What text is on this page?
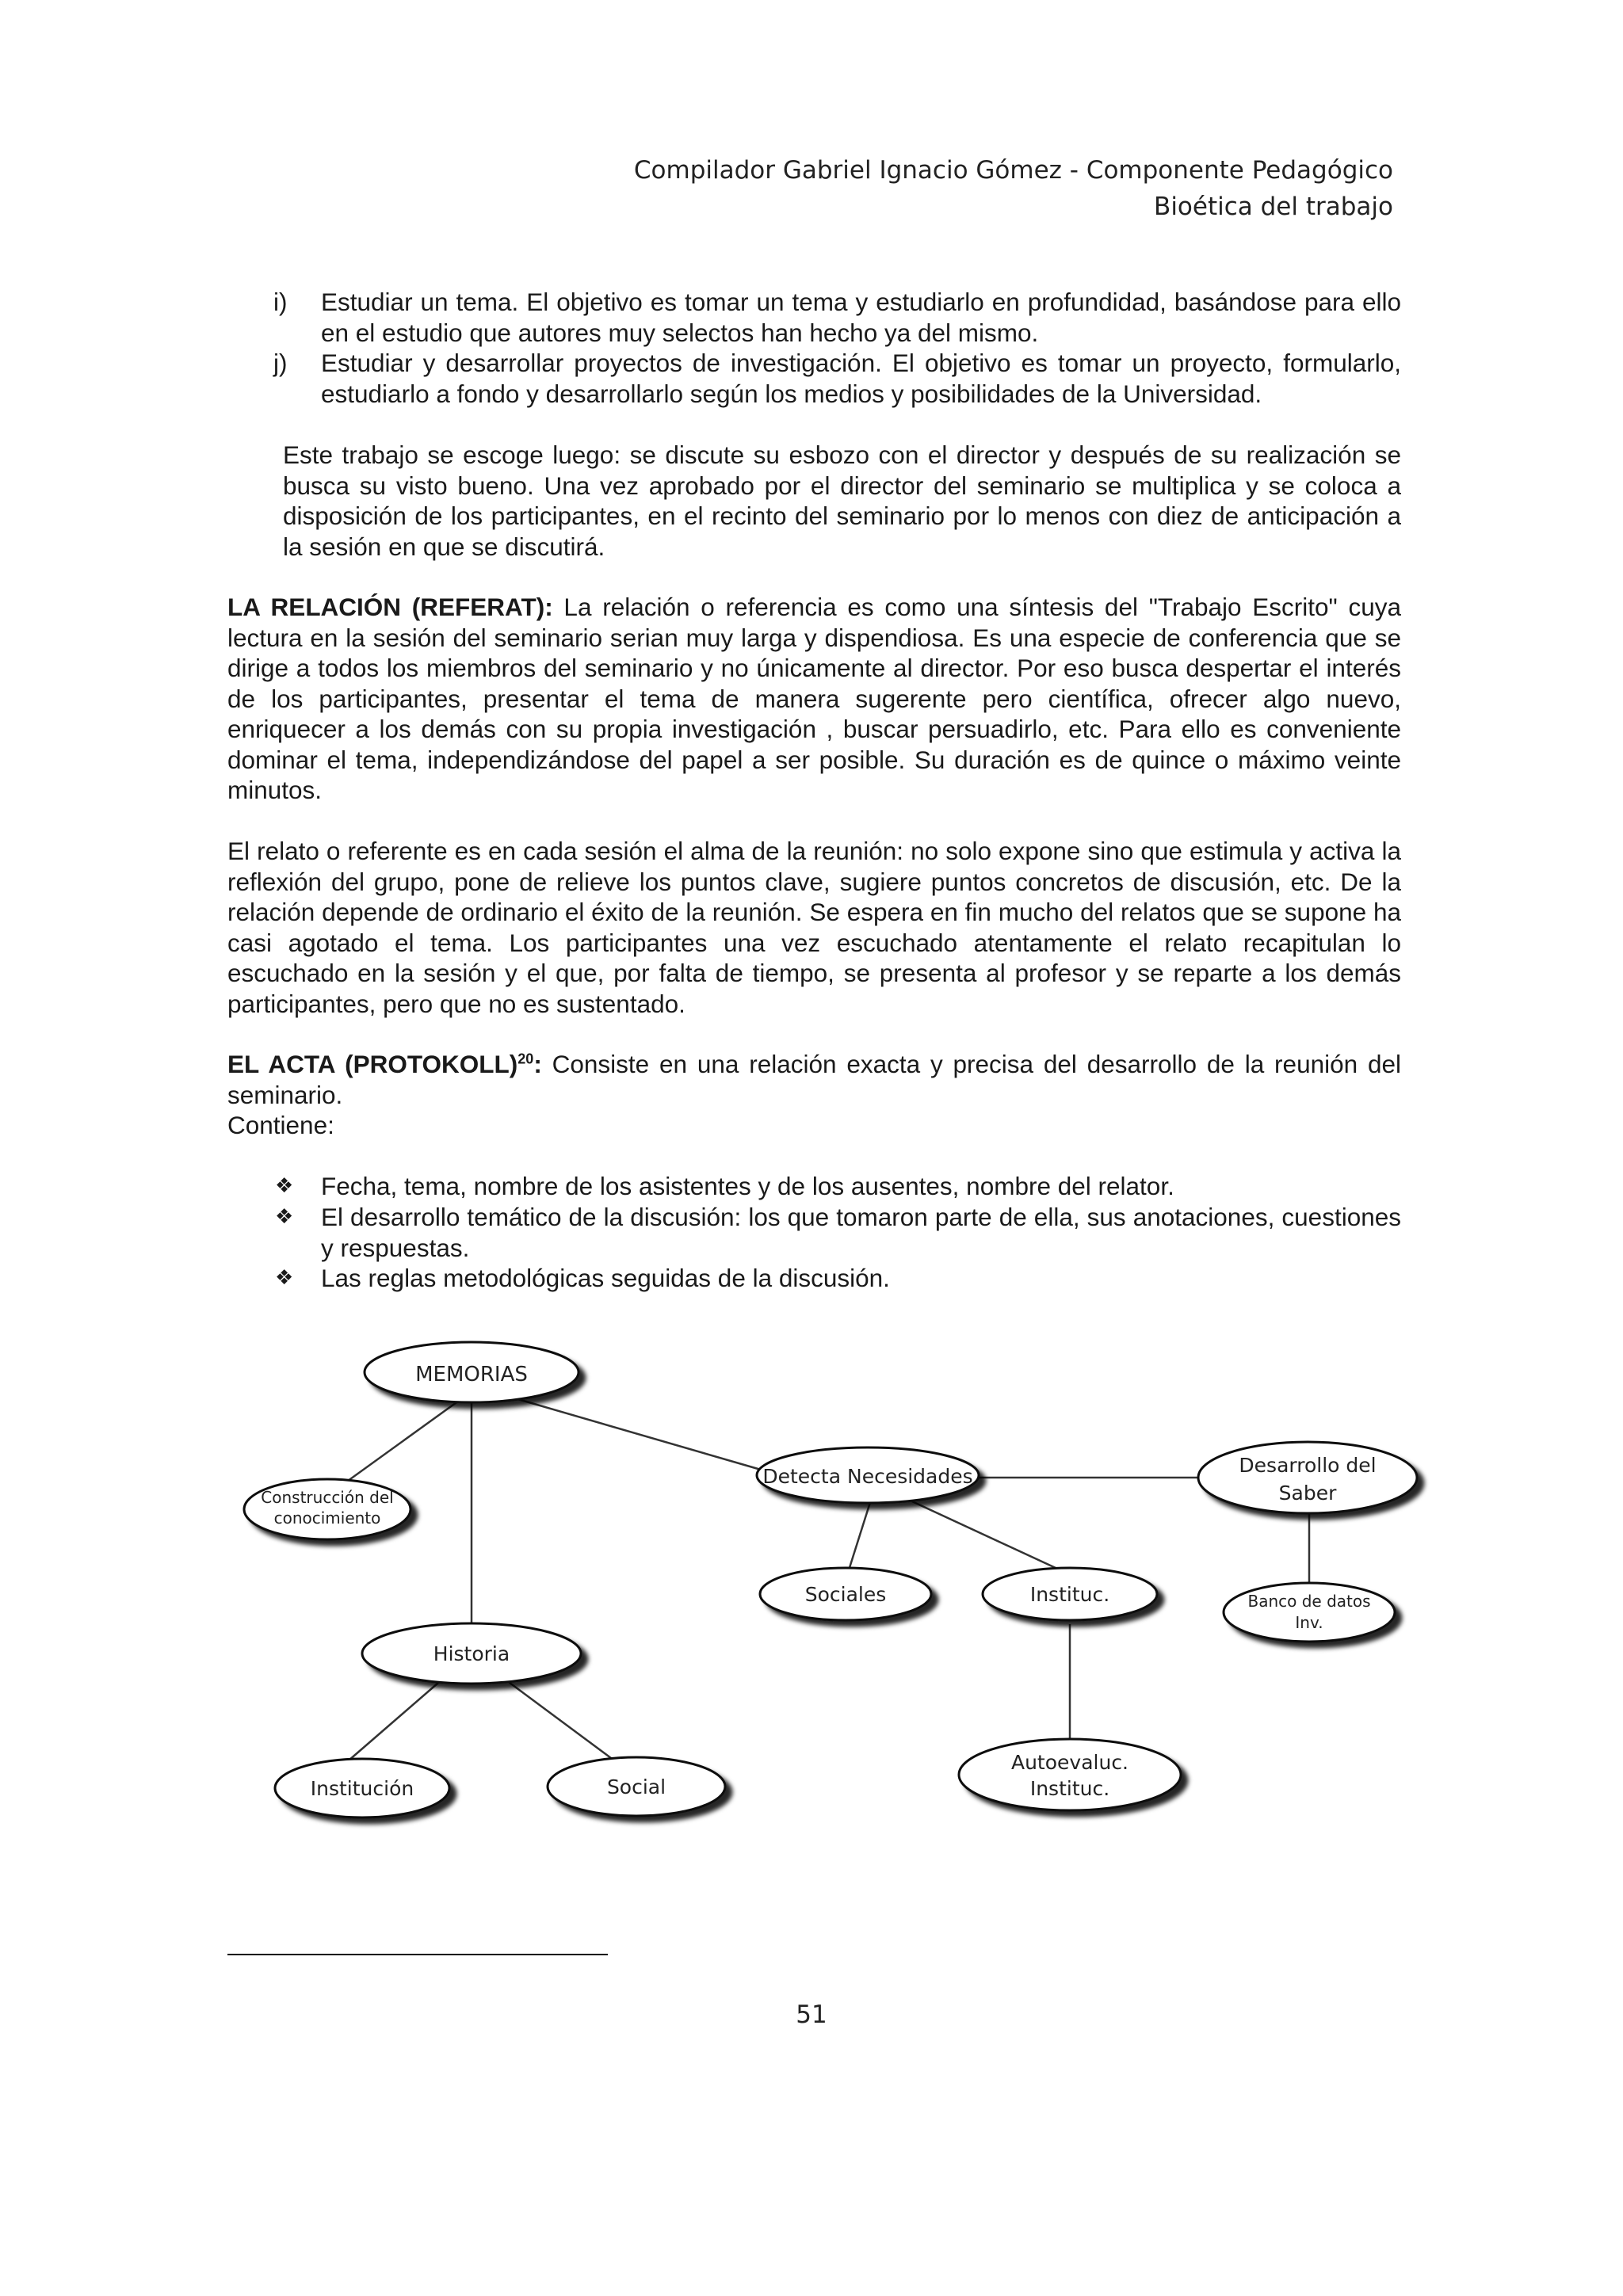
Compilador Gabriel Ignacio Gómez - Componente Pedagógico
Bioética del trabajo
i) Estudiar un tema. El objetivo es tomar un tema y estudiarlo en profundidad, basándose para ello en el estudio que autores muy selectos han hecho ya del mismo.
j) Estudiar y desarrollar proyectos de investigación. El objetivo es tomar un proyecto, formularlo, estudiarlo a fondo y desarrollarlo según los medios y posibilidades de la Universidad.
Este trabajo se escoge luego: se discute su esbozo con el director y después de su realización se busca su visto bueno. Una vez aprobado por el director del seminario se multiplica y se coloca a disposición de los participantes, en el recinto del seminario por lo menos con diez de anticipación a la sesión en que se discutirá.
LA RELACIÓN (REFERAT): La relación o referencia es como una síntesis del "Trabajo Escrito" cuya lectura en la sesión del seminario serian muy larga y dispendiosa. Es una especie de conferencia que se dirige a todos los miembros del seminario y no únicamente al director. Por eso busca despertar el interés de los participantes, presentar el tema de manera sugerente pero científica, ofrecer algo nuevo, enriquecer a los demás con su propia investigación , buscar persuadirlo, etc. Para ello es conveniente dominar el tema, independizándose del papel a ser posible. Su duración es de quince o máximo veinte minutos.
El relato o referente es en cada sesión el alma de la reunión: no solo expone sino que estimula y activa la reflexión del grupo, pone de relieve los puntos clave, sugiere puntos concretos de discusión, etc. De la relación depende de ordinario el éxito de la reunión. Se espera en fin mucho del relatos que se supone ha casi agotado el tema. Los participantes una vez escuchado atentamente el relato recapitulan lo escuchado en la sesión y el que, por falta de tiempo, se presenta al profesor y se reparte a los demás participantes, pero que no es sustentado.
EL ACTA (PROTOKOLL)$^{20}$: Consiste en una relación exacta y precisa del desarrollo de la reunión del seminario.
Contiene:
❖ Fecha, tema, nombre de los asistentes y de los ausentes, nombre del relator.
❖ El desarrollo temático de la discusión: los que tomaron parte de ella, sus anotaciones, cuestiones y respuestas.
❖ Las reglas metodológicas seguidas de la discusión.
MEMORIAS
Construcción del
conocimiento
Detecta Necesidades	Desarrollo del
Saber
Sociales	Instituc.	Banco de datos
Inv.
Historia
Autoevaluc.
Instituc.
Institución	Social
51
